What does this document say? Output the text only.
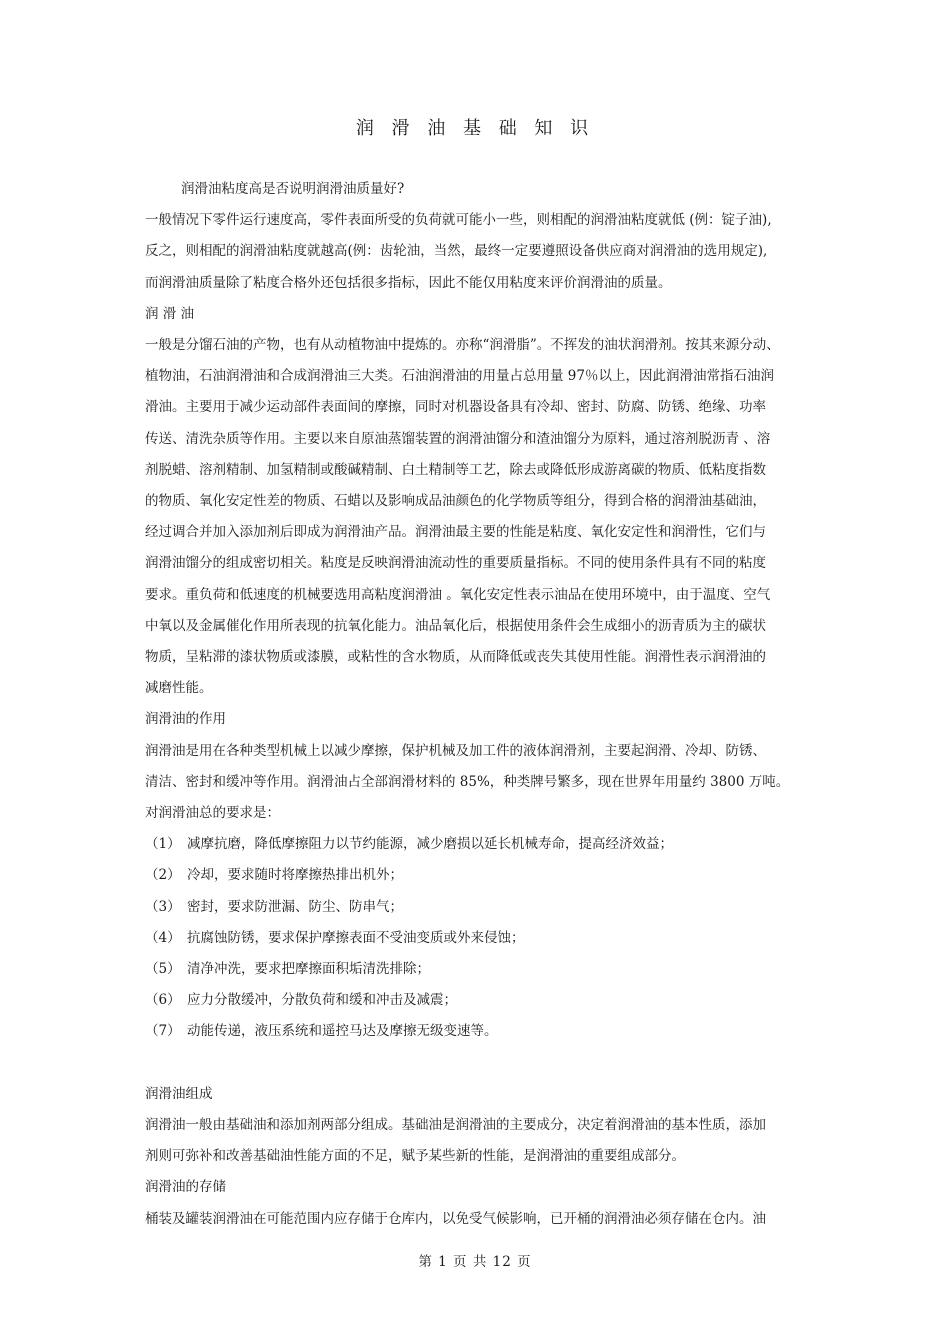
润 滑 油 基 础 知 识

润滑油粘度高是否说明润滑油质量好?

一般情况下零件运行速度高，零件表面所受的负荷就可能小一些，则相配的润滑油粘度就低 (例：锭子油),

反之，则相配的润滑油粘度就越高(例：齿轮油，当然，最终一定要遵照设备供应商对润滑油的选用规定),

而润滑油质量除了粘度合格外还包括很多指标，因此不能仅用粘度来评价润滑油的质量。

润 滑 油

一般是分馏石油的产物，也有从动植物油中提炼的。亦称“润滑脂”。不挥发的油状润滑剂。按其来源分动、

植物油，石油润滑油和合成润滑油三大类。石油润滑油的用量占总用量 97％以上，因此润滑油常指石油润

滑油。主要用于减少运动部件表面间的摩擦，同时对机器设备具有冷却、密封、防腐、防锈、绝缘、功率

传送、清洗杂质等作用。主要以来自原油蒸馏装置的润滑油馏分和渣油馏分为原料，通过溶剂脱沥青 、溶

剂脱蜡、溶剂精制、加氢精制或酸碱精制、白土精制等工艺，除去或降低形成游离碳的物质、低粘度指数

的物质、氧化安定性差的物质、石蜡以及影响成品油颜色的化学物质等组分，得到合格的润滑油基础油，

经过调合并加入添加剂后即成为润滑油产品。润滑油最主要的性能是粘度、氧化安定性和润滑性，它们与

润滑油馏分的组成密切相关。粘度是反映润滑油流动性的重要质量指标。不同的使用条件具有不同的粘度

要求。重负荷和低速度的机械要选用高粘度润滑油 。氧化安定性表示油品在使用环境中，由于温度、空气

中氧以及金属催化作用所表现的抗氧化能力。油品氧化后，根据使用条件会生成细小的沥青质为主的碳状

物质，呈粘滞的漆状物质或漆膜，或粘性的含水物质，从而降低或丧失其使用性能。润滑性表示润滑油的

减磨性能。

润滑油的作用

润滑油是用在各种类型机械上以减少摩擦，保护机械及加工件的液体润滑剂，主要起润滑、冷却、防锈、

清洁、密封和缓冲等作用。润滑油占全部润滑材料的 85%，种类牌号繁多，现在世界年用量约 3800 万吨。

对润滑油总的要求是：

（1） 减摩抗磨，降低摩擦阻力以节约能源，减少磨损以延长机械寿命，提高经济效益；

（2） 冷却，要求随时将摩擦热排出机外；

（3） 密封，要求防泄漏、防尘、防串气；

（4） 抗腐蚀防锈，要求保护摩擦表面不受油变质或外来侵蚀；

（5） 清净冲洗，要求把摩擦面积垢清洗排除；

（6） 应力分散缓冲，分散负荷和缓和冲击及减震；

（7） 动能传递，液压系统和遥控马达及摩擦无级变速等。

润滑油组成

润滑油一般由基础油和添加剂两部分组成。基础油是润滑油的主要成分，决定着润滑油的基本性质，添加

剂则可弥补和改善基础油性能方面的不足，赋予某些新的性能，是润滑油的重要组成部分。

润滑油的存储

桶装及罐装润滑油在可能范围内应存储于仓库内，以免受气候影响，已开桶的润滑油必须存储在仓内。油

第 1 页 共 12 页
